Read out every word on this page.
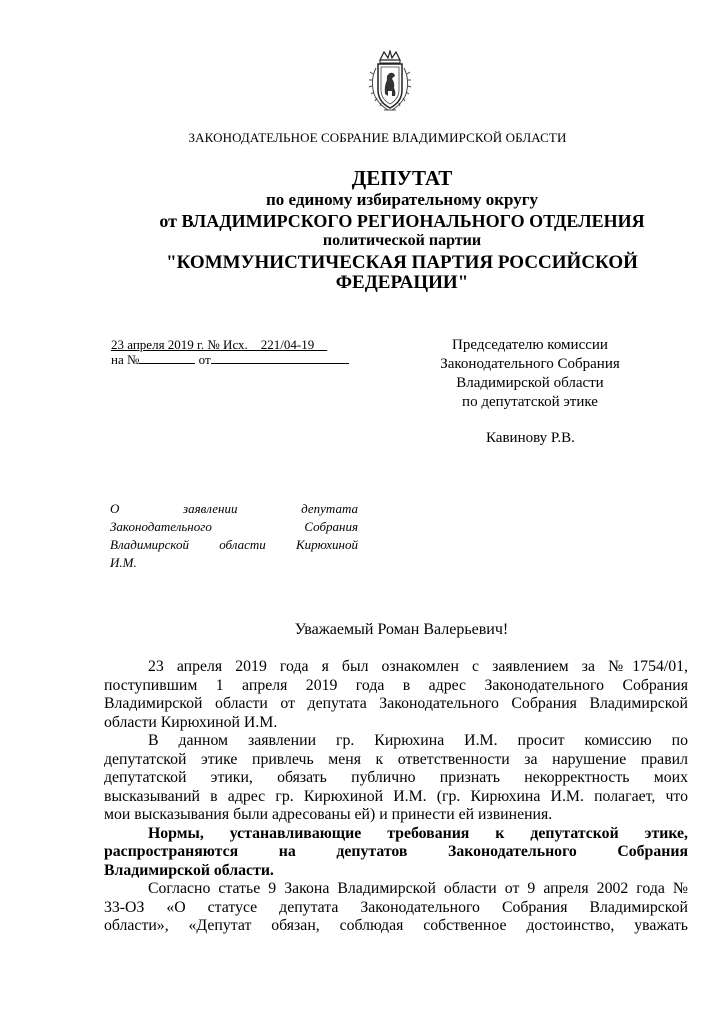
ЗАКОНОДАТЕЛЬНОЕ СОБРАНИЕ ВЛАДИМИРСКОЙ ОБЛАСТИ

ДЕПУТАТ

по единому избирательному округу

от ВЛАДИМИРСКОГО РЕГИОНАЛЬНОГО ОТДЕЛЕНИЯ

политической партии

"КОММУНИСТИЧЕСКАЯ ПАРТИЯ РОССИЙСКОЙ

ФЕДЕРАЦИИ"

23 апреля 2019 г. № Исх.    221/04-19
на №	от
Председателю комиссии
Законодательного Собрания
Владимирской области
по депутатской этике
Кавинову Р.В.
О заявлении депутата
Законодательного Собрания
Владимирской области Кирюхиной
И.М.
Уважаемый Роман Валерьевич!
23 апреля 2019 года я был ознакомлен с заявлением за №1754/01,
поступившим 1 апреля 2019 года в адрес Законодательного Собрания
Владимирской области от депутата Законодательного Собрания Владимирской
области Кирюхиной И.М.
В данном заявлении гр. Кирюхина И.М. просит комиссию по
депутатской этике привлечь меня к ответственности за нарушение правил
депутатской этики, обязать публично признать некорректность моих
высказываний в адрес гр. Кирюхиной И.М. (гр. Кирюхина И.М. полагает, что
мои высказывания были адресованы ей) и принести ей извинения.
Нормы, устанавливающие требования к депутатской этике,
распространяются на депутатов Законодательного Собрания
Владимирской области.
Согласно статье 9 Закона Владимирской области от 9 апреля 2002 года №
33-ОЗ «О статусе депутата Законодательного Собрания Владимирской
области», «Депутат обязан, соблюдая собственное достоинство, уважать
